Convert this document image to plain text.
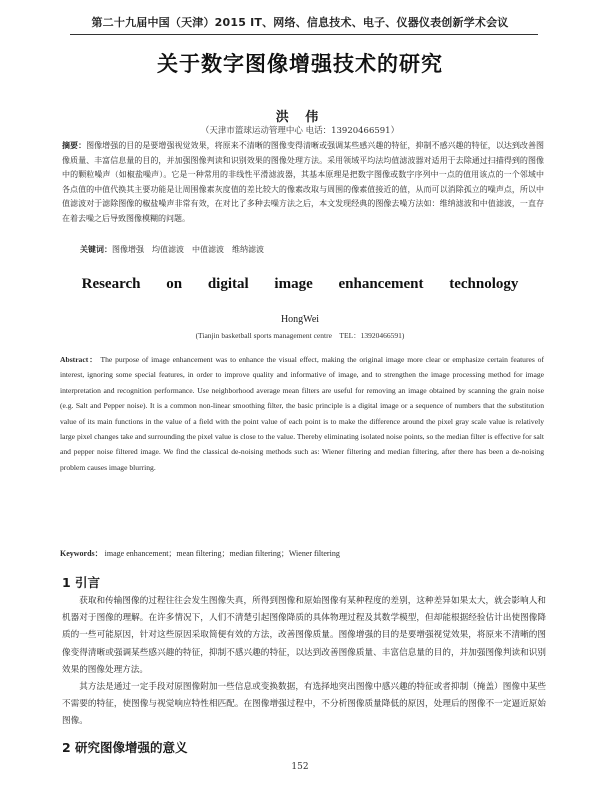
第二十九届中国（天津）2015 IT、网络、信息技术、电子、仪器仪表创新学术会议
关于数字图像增强技术的研究
洪 伟
（天津市篮球运动管理中心 电话：13920466591）
摘要：图像增强的目的是要增强视觉效果，将原来不清晰的图像变得清晰或强调某些感兴趣的特征，抑制不感兴趣的特征，以达到改善图像质量、丰富信息量的目的，并加强图像判读和识别效果的图像处理方法。采用领域平均法均值滤波器对适用于去除通过扫描得到的图像中的颗粒噪声（如椒盐噪声）。它是一种常用的非线性平滑滤波器，其基本原理是把数字图像或数字序列中一点的值用该点的一个邻域中各点值的中值代换其主要功能是让周围像素灰度值的差比较大的像素改取与周围的像素值接近的值，从而可以消除孤立的噪声点，所以中值滤波对于滤除图像的椒盐噪声非常有效，在对比了多种去噪方法之后，本文发现经典的图像去噪方法如：维纳滤波和中值滤波，一直存在着去噪之后导致图像模糊的问题。
关键词：图像增强　均值滤波　中值滤波　维纳滤波
Research on digital image enhancement technology
HongWei
(Tianjin basketball sports management centre　TEL：13920466591)
Abstract： The purpose of image enhancement was to enhance the visual effect, making the original image more clear or emphasize certain features of interest, ignoring some special features, in order to improve quality and informative of image, and to strengthen the image processing method for image interpretation and recognition performance. Use neighborhood average mean filters are useful for removing an image obtained by scanning the grain noise (e.g. Salt and Pepper noise). It is a common non-linear smoothing filter, the basic principle is a digital image or a sequence of numbers that the substitution value of its main functions in the value of a field with the point value of each point is to make the difference around the pixel gray scale value is relatively large pixel changes take and surrounding the pixel value is close to the value. Thereby eliminating isolated noise points, so the median filter is effective for salt and pepper noise filtered image. We find the classical de-noising methods such as: Wiener filtering and median filtering, after there has been a de-noising problem causes image blurring.
Keywords： image enhancement；mean filtering；median filtering；Wiener filtering
1 引言

获取和传输图像的过程往往会发生图像失真，所得到图像和原始图像有某种程度的差别，这种差异如果太大，就会影响人和机器对于图像的理解。在许多情况下，人们不清楚引起图像降质的具体物理过程及其数学模型，但却能根据经验估计出使图像降质的一些可能原因，针对这些原因采取简便有效的方法，改善图像质量。图像增强的目的是要增强视觉效果，将原来不清晰的图像变得清晰或强调某些感兴趣的特征，抑制不感兴趣的特征，以达到改善图像质量、丰富信息量的目的，并加强图像判读和识别效果的图像处理方法。

其方法是通过一定手段对原图像附加一些信息或变换数据，有选择地突出图像中感兴趣的特征或者抑制（掩盖）图像中某些不需要的特征，使图像与视觉响应特性相匹配。在图像增强过程中，不分析图像质量降低的原因，处理后的图像不一定逼近原始图像。

2 研究图像增强的意义
152
